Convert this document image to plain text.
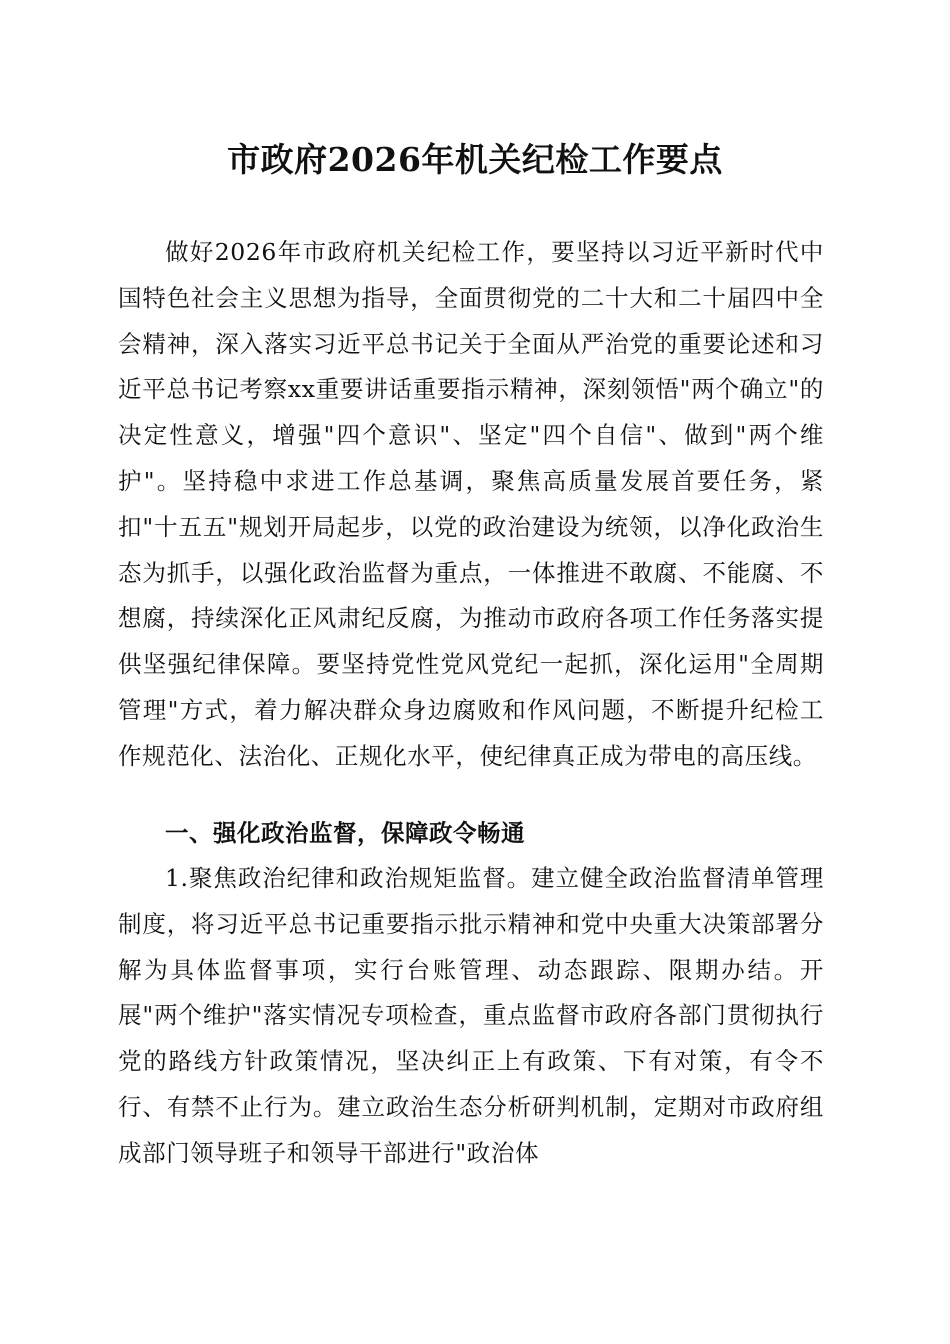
市政府2026年机关纪检工作要点

做好2026年市政府机关纪检工作，要坚持以习近平新时代中国特色社会主义思想为指导，全面贯彻党的二十大和二十届四中全会精神，深入落实习近平总书记关于全面从严治党的重要论述和习近平总书记考察xx重要讲话重要指示精神，深刻领悟"两个确立"的决定性意义，增强"四个意识"、坚定"四个自信"、做到"两个维护"。坚持稳中求进工作总基调，聚焦高质量发展首要任务，紧扣"十五五"规划开局起步，以党的政治建设为统领，以净化政治生态为抓手，以强化政治监督为重点，一体推进不敢腐、不能腐、不想腐，持续深化正风肃纪反腐，为推动市政府各项工作任务落实提供坚强纪律保障。要坚持党性党风党纪一起抓，深化运用"全周期管理"方式，着力解决群众身边腐败和作风问题，不断提升纪检工作规范化、法治化、正规化水平，使纪律真正成为带电的高压线。

一、强化政治监督，保障政令畅通

1.聚焦政治纪律和政治规矩监督。建立健全政治监督清单管理制度，将习近平总书记重要指示批示精神和党中央重大决策部署分解为具体监督事项，实行台账管理、动态跟踪、限期办结。开展"两个维护"落实情况专项检查，重点监督市政府各部门贯彻执行党的路线方针政策情况，坚决纠正上有政策、下有对策，有令不行、有禁不止行为。建立政治生态分析研判机制，定期对市政府组成部门领导班子和领导干部进行"政治体
